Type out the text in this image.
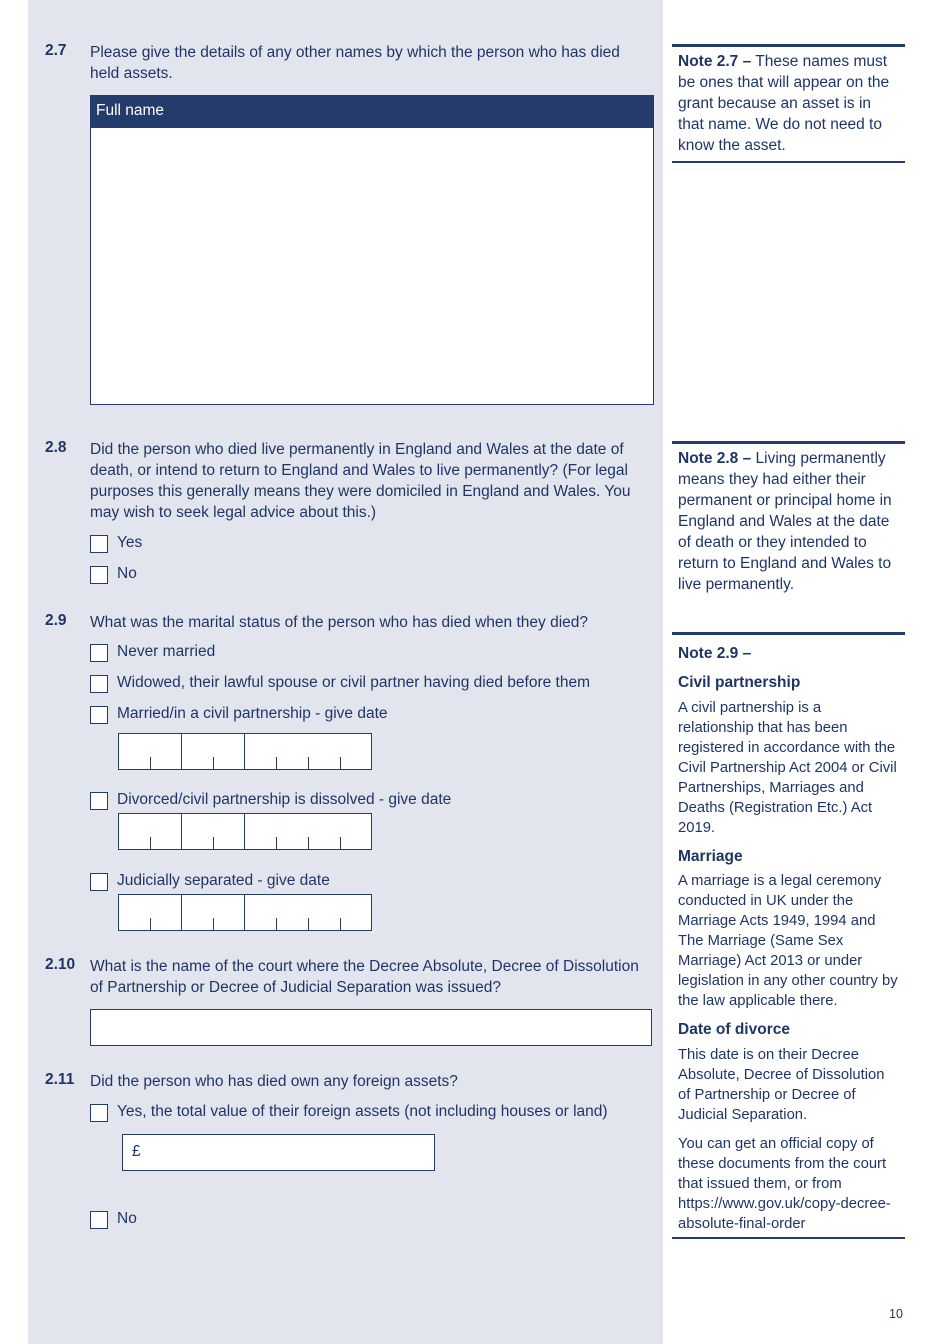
2.7 Please give the details of any other names by which the person who has died held assets.
Full name
2.8 Did the person who died live permanently in England and Wales at the date of death, or intend to return to England and Wales to live permanently? (For legal purposes this generally means they were domiciled in England and Wales. You may wish to seek legal advice about this.)
Yes
No
2.9 What was the marital status of the person who has died when they died?
Never married
Widowed, their lawful spouse or civil partner having died before them
Married/in a civil partnership - give date
Divorced/civil partnership is dissolved - give date
Judicially separated - give date
2.10 What is the name of the court where the Decree Absolute, Decree of Dissolution of Partnership or Decree of Judicial Separation was issued?
2.11 Did the person who has died own any foreign assets?
Yes, the total value of their foreign assets (not including houses or land)
£
No
Note 2.7 – These names must be ones that will appear on the grant because an asset is in that name. We do not need to know the asset.
Note 2.8 – Living permanently means they had either their permanent or principal home in England and Wales at the date of death or they intended to return to England and Wales to live permanently.
Note 2.9 –
Civil partnership
A civil partnership is a relationship that has been registered in accordance with the Civil Partnership Act 2004 or Civil Partnerships, Marriages and Deaths (Registration Etc.) Act 2019.
Marriage
A marriage is a legal ceremony conducted in UK under the Marriage Acts 1949, 1994 and The Marriage (Same Sex Marriage) Act 2013 or under legislation in any other country by the law applicable there.
Date of divorce
This date is on their Decree Absolute, Decree of Dissolution of Partnership or Decree of Judicial Separation.
You can get an official copy of these documents from the court that issued them, or from https://www.gov.uk/copy-decree-absolute-final-order
10
